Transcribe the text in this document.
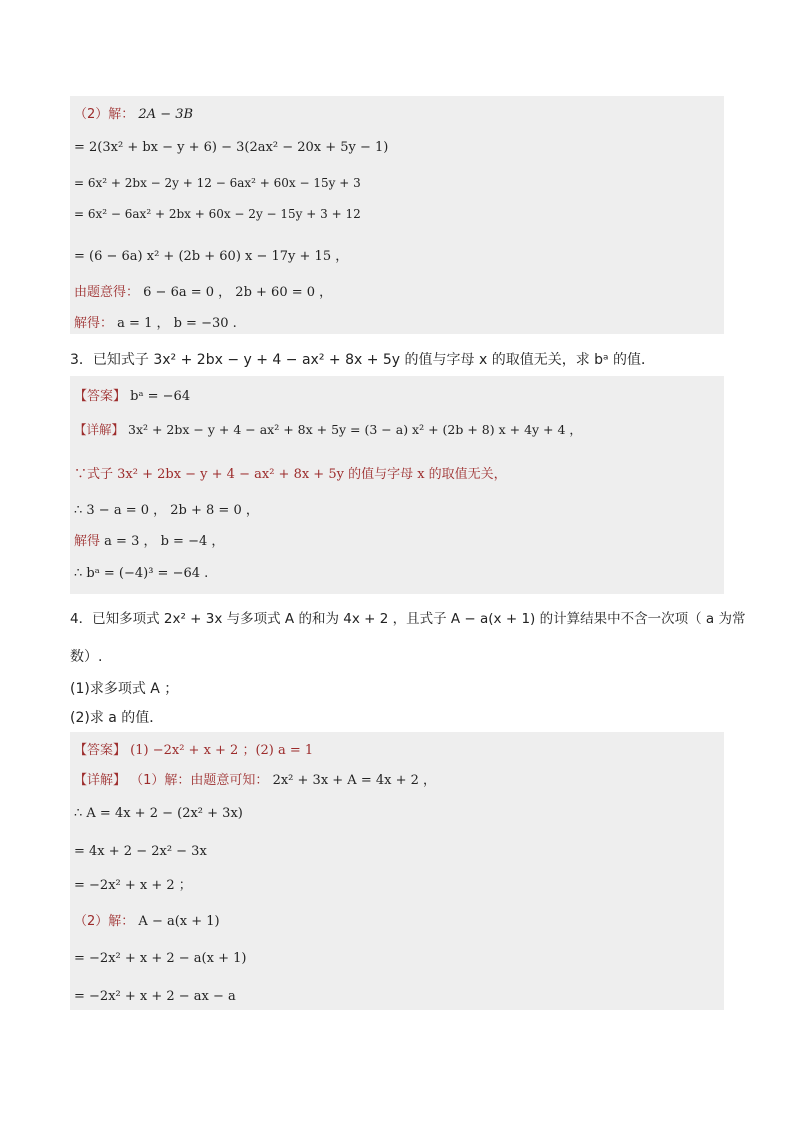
（2）解： 2A − 3B
= 2(3x² + bx − y + 6) − 3(2ax² − 20x + 5y − 1)
= 6x² + 2bx − 2y + 12 − 6ax² + 60x − 15y + 3
= 6x² − 6ax² + 2bx + 60x − 2y − 15y + 3 + 12
= (6 − 6a) x² + (2b + 60) x − 17y + 15 ，
由题意得： 6 − 6a = 0 ， 2b + 60 = 0 ，
解得： a = 1 ， b = −30 .
3．已知式子 3x² + 2bx − y + 4 − ax² + 8x + 5y 的值与字母 x 的取值无关，求 bᵃ 的值．
【答案】 bᵃ = −64
【详解】 3x² + 2bx − y + 4 − ax² + 8x + 5y = (3 − a) x² + (2b + 8) x + 4y + 4 ，
∵式子 3x² + 2bx − y + 4 − ax² + 8x + 5y 的值与字母 x 的取值无关，
∴ 3 − a = 0 ， 2b + 8 = 0 ，
解得 a = 3 ， b = −4 ，
∴ bᵃ = (−4)³ = −64 .
4．已知多项式 2x² + 3x 与多项式 A 的和为 4x + 2 ，且式子 A − a(x + 1) 的计算结果中不含一次项（ a 为常
数）.
(1)求多项式 A ；
(2)求 a 的值．
【答案】 (1) −2x² + x + 2 ；(2) a = 1
【详解】 （1）解：由题意可知： 2x² + 3x + A = 4x + 2 ，
∴ A = 4x + 2 − (2x² + 3x)
= 4x + 2 − 2x² − 3x
= −2x² + x + 2 ；
（2）解： A − a(x + 1)
= −2x² + x + 2 − a(x + 1)
= −2x² + x + 2 − ax − a
